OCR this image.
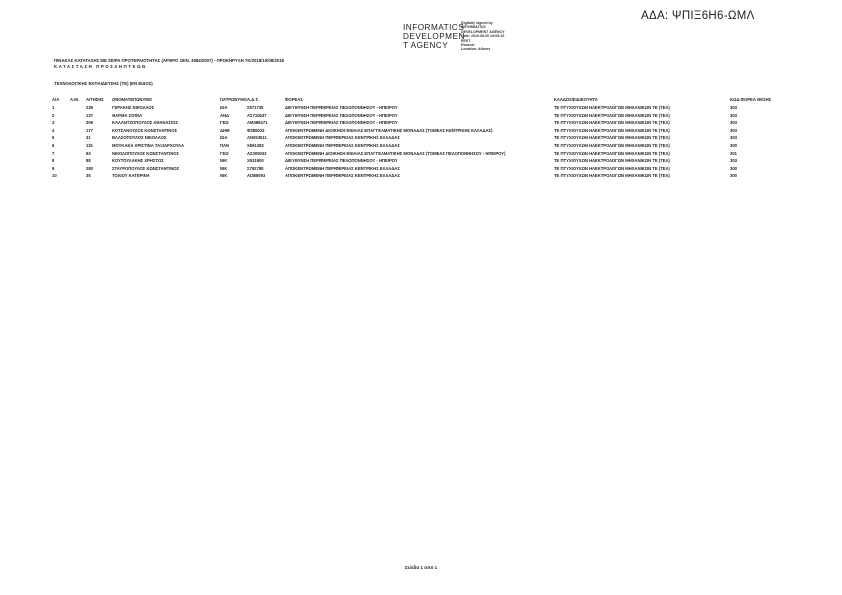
ΑΔΑ: ΨΠΙΞ6Η6-ΩΜΛ
INFORMATICS
DEVELOPMEN
T AGENCY
Digitally signed by
INFORMATICS
DEVELOPMENT AGENCY
Date: 2019.08.30 19:05:16
EEST
Reason:
Location: Athens
ΠΙΝΑΚΑΣ ΚΑΤΑΤΑΞΗΣ ΜΕ ΣΕΙΡΑ ΠΡΟΤΕΡΑΙΟΤΗΤΑΣ (ΑΡΘΡΟ 19/Ν. 3584/2007) - ΠΡΟΚΗΡΥΞΗ 7Κ/2018/10/08/2018
ΚΑΤΑΣΤΑΣΗ ΠΡΟΣΛΗΠΤΕΩΝ
ΤΕΧΝΟΛΟΓΙΚΗΣ ΕΚΠΑΙΔΕΥΣΗΣ (ΤΕ) (ΕΝ ΕΙΔΟΣ)
Α/Α	Α.Μ.	ΑΙΤΗΣΗΣ	ΟΝΟΜΑΤΕΠΩΝΥΜΟ	ΠΑΤΡΩΝΥΜΟ	Α.Δ.Τ.	ΦΟΡΕΑΣ	ΚΛΑΔΟΣ/ΕΙΔΙΚΟΤΗΤΑ	ΚΩΔ.ΦΟΡΕΑ ΘΕΣΗΣ
1		239	ΓΕΡΑΚΗΣ ΝΙΚΟΛΑΟΣ	ΙΩΑ	Σ571735	ΔΙΕΥΘΥΝΣΗ ΠΕΡΙΦΕΡΕΙΑΣ ΠΕΛΟΠΟΝΝΗΣΟΥ - ΗΠΕΙΡΟΥ	ΤΕ ΠΤΥΧΙΟΥΧΩΝ ΗΛΕΚΤΡΟΛΟΓΩΝ ΜΗΧΑΝΙΚΩΝ ΤΕ (ΤΕΛ)	303
2		137	ΘΑΡΜΑ ΣΟΦΙΑ	ΑΝΔ	ΑΣ710637	ΔΙΕΥΘΥΝΣΗ ΠΕΡΙΦΕΡΕΙΑΣ ΠΕΛΟΠΟΝΝΗΣΟΥ - ΗΠΕΙΡΟΥ	ΤΕ ΠΤΥΧΙΟΥΧΩΝ ΗΛΕΚΤΡΟΛΟΓΩΝ ΜΗΧΑΝΙΚΩΝ ΤΕ (ΤΕΛ)	303
3		309	ΚΑΛΑΝΤΖΟΠΟΥΛΟΣ ΑΘΑΝΑΣΙΟΣ	ΓΕΩ	ΑΜ389471	ΔΙΕΥΘΥΝΣΗ ΠΕΡΙΦΕΡΕΙΑΣ ΠΕΛΟΠΟΝΝΗΣΟΥ - ΗΠΕΙΡΟΥ	ΤΕ ΠΤΥΧΙΟΥΧΩΝ ΗΛΕΚΤΡΟΛΟΓΩΝ ΜΗΧΑΝΙΚΩΝ ΤΕ (ΤΕΛ)	303
4		177	ΚΟΤΣΑΝΟΥΛΟΣ ΚΩΝΣΤΑΝΤΙΝΟΣ	ΔΗΜ	Φ385033	ΑΠΟΚΕΝΤΡΩΜΕΝΗ ΔΙΟΙΚΗΣΗ ΕΝΙΑΙΑΣ ΕΠΑΓΓΕΛΜΑΤΙΚΗΣ ΜΟΝΑΔΑΣ (ΤΟΜΕΑΣ ΚΕΝΤΡΙΚΗΣ ΕΛΛΑΔΑΣ)	ΤΕ ΠΤΥΧΙΟΥΧΩΝ ΗΛΕΚΤΡΟΛΟΓΩΝ ΜΗΧΑΝΙΚΩΝ ΤΕ (ΤΕΛ)	303
5		31	ΒΛΑΣΟΠΟΥΛΟΣ ΝΙΚΟΛΑΟΣ	ΙΩΑ	ΑΝ053511	ΑΠΟΚΕΝΤΡΩΜΕΝΗ ΠΕΡΙΦΕΡΕΙΑΣ ΚΕΝΤΡΙΚΗΣ ΕΛΛΑΔΑΣ	ΤΕ ΠΤΥΧΙΟΥΧΩΝ ΗΛΕΚΤΡΟΛΟΓΩΝ ΜΗΧΑΝΙΚΩΝ ΤΕ (ΤΕΛ)	303
6		115	ΜΟΥΚΑΚΑ ΧΡΙΣΤΙΝΑ ΤΑΞΙΑΡΧΟΥΛΑ	ΠΑΝ	Χ561383	ΑΠΟΚΕΝΤΡΩΜΕΝΗ ΠΕΡΙΦΕΡΕΙΑΣ ΚΕΝΤΡΙΚΗΣ ΕΛΛΑΔΑΣ	ΤΕ ΠΤΥΧΙΟΥΧΩΝ ΗΛΕΚΤΡΟΛΟΓΩΝ ΜΗΧΑΝΙΚΩΝ ΤΕ (ΤΕΛ)	300
7		93	ΝΙΚΟΛΟΠΟΥΛΟΣ ΚΩΝΣΤΑΝΤΙΝΟΣ	ΓΕΩ	ΑΣ305033	ΑΠΟΚΕΝΤΡΩΜΕΝΗ ΔΙΟΙΚΗΣΗ ΕΝΙΑΙΑΣ ΕΠΑΓΓΕΛΜΑΤΙΚΗΣ ΜΟΝΑΔΑΣ (ΤΟΜΕΑΣ ΠΕΛΟΠΟΝΝΗΣΟΥ - ΗΠΕΙΡΟΥ)	ΤΕ ΠΤΥΧΙΟΥΧΩΝ ΗΛΕΚΤΡΟΛΟΓΩΝ ΜΗΧΑΝΙΚΩΝ ΤΕ (ΤΕΛ)	301
8		88	ΚΟΥΤΟΥΛΑΚΗΣ ΧΡΗΣΤΟΣ	ΝΙΚ	Χ531900	ΔΙΕΥΘΥΝΣΗ ΠΕΡΙΦΕΡΕΙΑΣ ΠΕΛΟΠΟΝΝΗΣΟΥ - ΗΠΕΙΡΟΥ	ΤΕ ΠΤΥΧΙΟΥΧΩΝ ΗΛΕΚΤΡΟΛΟΓΩΝ ΜΗΧΑΝΙΚΩΝ ΤΕ (ΤΕΛ)	303
9		280	ΣΤΑΥΡΟΠΟΥΛΟΣ ΚΩΝΣΤΑΝΤΙΝΟΣ	ΝΙΚ	Σ792780	ΑΠΟΚΕΝΤΡΩΜΕΝΗ ΠΕΡΙΦΕΡΕΙΑΣ ΚΕΝΤΡΙΚΗΣ ΕΛΛΑΔΑΣ	ΤΕ ΠΤΥΧΙΟΥΧΩΝ ΗΛΕΚΤΡΟΛΟΓΩΝ ΜΗΧΑΝΙΚΩΝ ΤΕ (ΤΕΛ)	300
10		35	ΤΟΛΙΟΥ ΚΑΤΕΡΙΝΑ	ΝΙΚ	ΑΙ385093	ΑΠΟΚΕΝΤΡΩΜΕΝΗ ΠΕΡΙΦΕΡΕΙΑΣ ΚΕΝΤΡΙΚΗΣ ΕΛΛΑΔΑΣ	ΤΕ ΠΤΥΧΙΟΥΧΩΝ ΗΛΕΚΤΡΟΛΟΓΩΝ ΜΗΧΑΝΙΚΩΝ ΤΕ (ΤΕΛ)	300
Σελίδα 1 από 1
